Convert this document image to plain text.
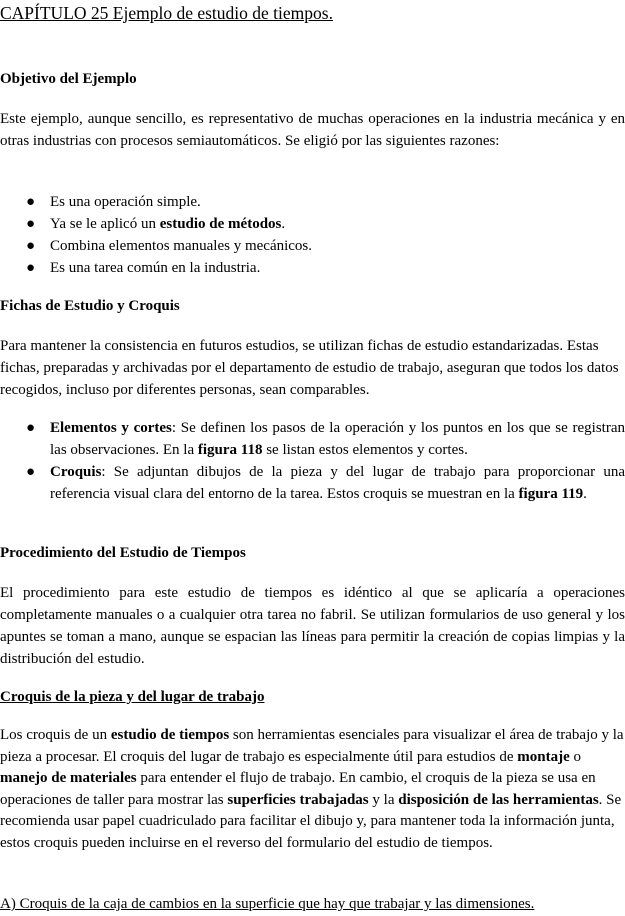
CAPÍTULO 25 Ejemplo de estudio de tiempos.
Objetivo del Ejemplo

Este ejemplo, aunque sencillo, es representativo de muchas operaciones en la industria mecánica y en otras industrias con procesos semiautomáticos. Se eligió por las siguientes razones:

● Es una operación simple.
● Ya se le aplicó un estudio de métodos.
● Combina elementos manuales y mecánicos.
● Es una tarea común en la industria.
Fichas de Estudio y Croquis

Para mantener la consistencia en futuros estudios, se utilizan fichas de estudio estandarizadas. Estas fichas, preparadas y archivadas por el departamento de estudio de trabajo, aseguran que todos los datos recogidos, incluso por diferentes personas, sean comparables.

● Elementos y cortes: Se definen los pasos de la operación y los puntos en los que se registran las observaciones. En la figura 118 se listan estos elementos y cortes.
● Croquis: Se adjuntan dibujos de la pieza y del lugar de trabajo para proporcionar una referencia visual clara del entorno de la tarea. Estos croquis se muestran en la figura 119.
Procedimiento del Estudio de Tiempos

El procedimiento para este estudio de tiempos es idéntico al que se aplicaría a operaciones completamente manuales o a cualquier otra tarea no fabril. Se utilizan formularios de uso general y los apuntes se toman a mano, aunque se espacian las líneas para permitir la creación de copias limpias y la distribución del estudio.

Croquis de la pieza y del lugar de trabajo

Los croquis de un estudio de tiempos son herramientas esenciales para visualizar el área de trabajo y la pieza a procesar. El croquis del lugar de trabajo es especialmente útil para estudios de montaje o manejo de materiales para entender el flujo de trabajo. En cambio, el croquis de la pieza se usa en operaciones de taller para mostrar las superficies trabajadas y la disposición de las herramientas. Se recomienda usar papel cuadriculado para facilitar el dibujo y, para mantener toda la información junta, estos croquis pueden incluirse en el reverso del formulario del estudio de tiempos.

A) Croquis de la caja de cambios en la superficie que hay que trabajar y las dimensiones.
